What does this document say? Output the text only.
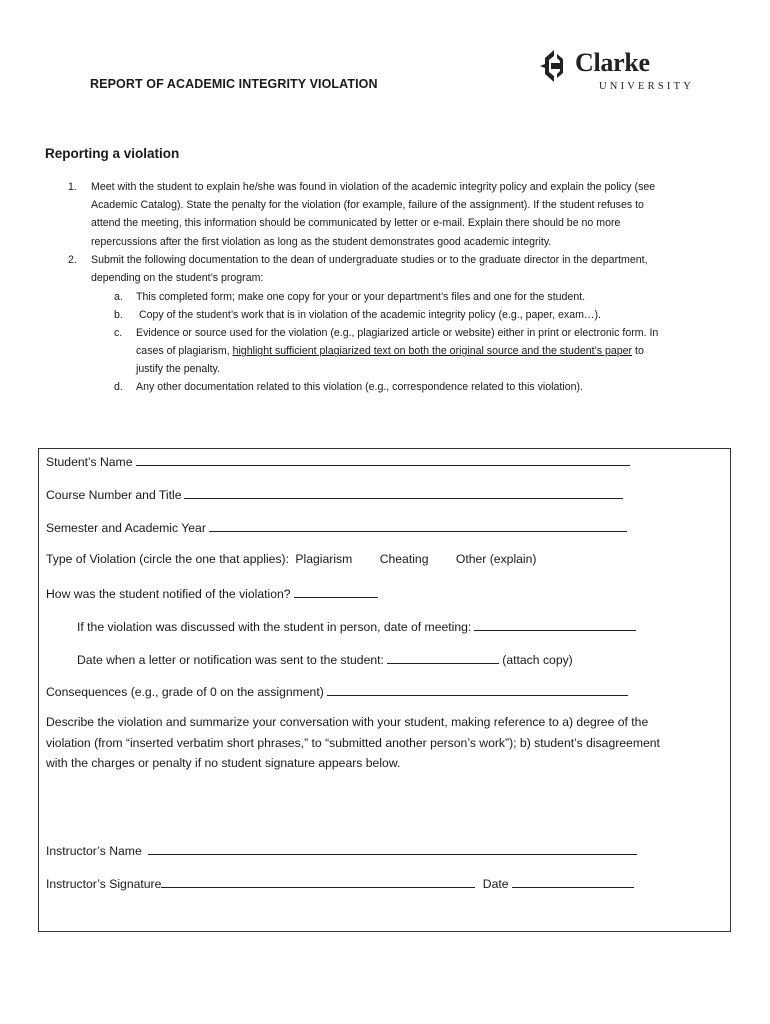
REPORT OF ACADEMIC INTEGRITY VIOLATION
Clarke
UNIVERSITY
Reporting a violation
1. Meet with the student to explain he/she was found in violation of the academic integrity policy and explain the policy (see
Academic Catalog). State the penalty for the violation (for example, failure of the assignment). If the student refuses to
attend the meeting, this information should be communicated by letter or e-mail. Explain there should be no more
repercussions after the first violation as long as the student demonstrates good academic integrity.
2. Submit the following documentation to the dean of undergraduate studies or to the graduate director in the department,
depending on the student’s program:
a. This completed form; make one copy for your or your department’s files and one for the student.
b. Copy of the student’s work that is in violation of the academic integrity policy (e.g., paper, exam…).
c. Evidence or source used for the violation (e.g., plagiarized article or website) either in print or electronic form. In
cases of plagiarism, highlight sufficient plagiarized text on both the original source and the student’s paper to
justify the penalty.
d. Any other documentation related to this violation (e.g., correspondence related to this violation).
Student’s Name
Course Number and Title
Semester and Academic Year
Type of Violation (circle the one that applies): Plagiarism Cheating Other (explain)
How was the student notified of the violation?
If the violation was discussed with the student in person, date of meeting:
Date when a letter or notification was sent to the student:	(attach copy)
Consequences (e.g., grade of 0 on the assignment)
Describe the violation and summarize your conversation with your student, making reference to a) degree of the
violation (from “inserted verbatim short phrases,” to “submitted another person’s work”); b) student’s disagreement
with the charges or penalty if no student signature appears below.
Instructor’s Name
Instructor’s Signature	Date
